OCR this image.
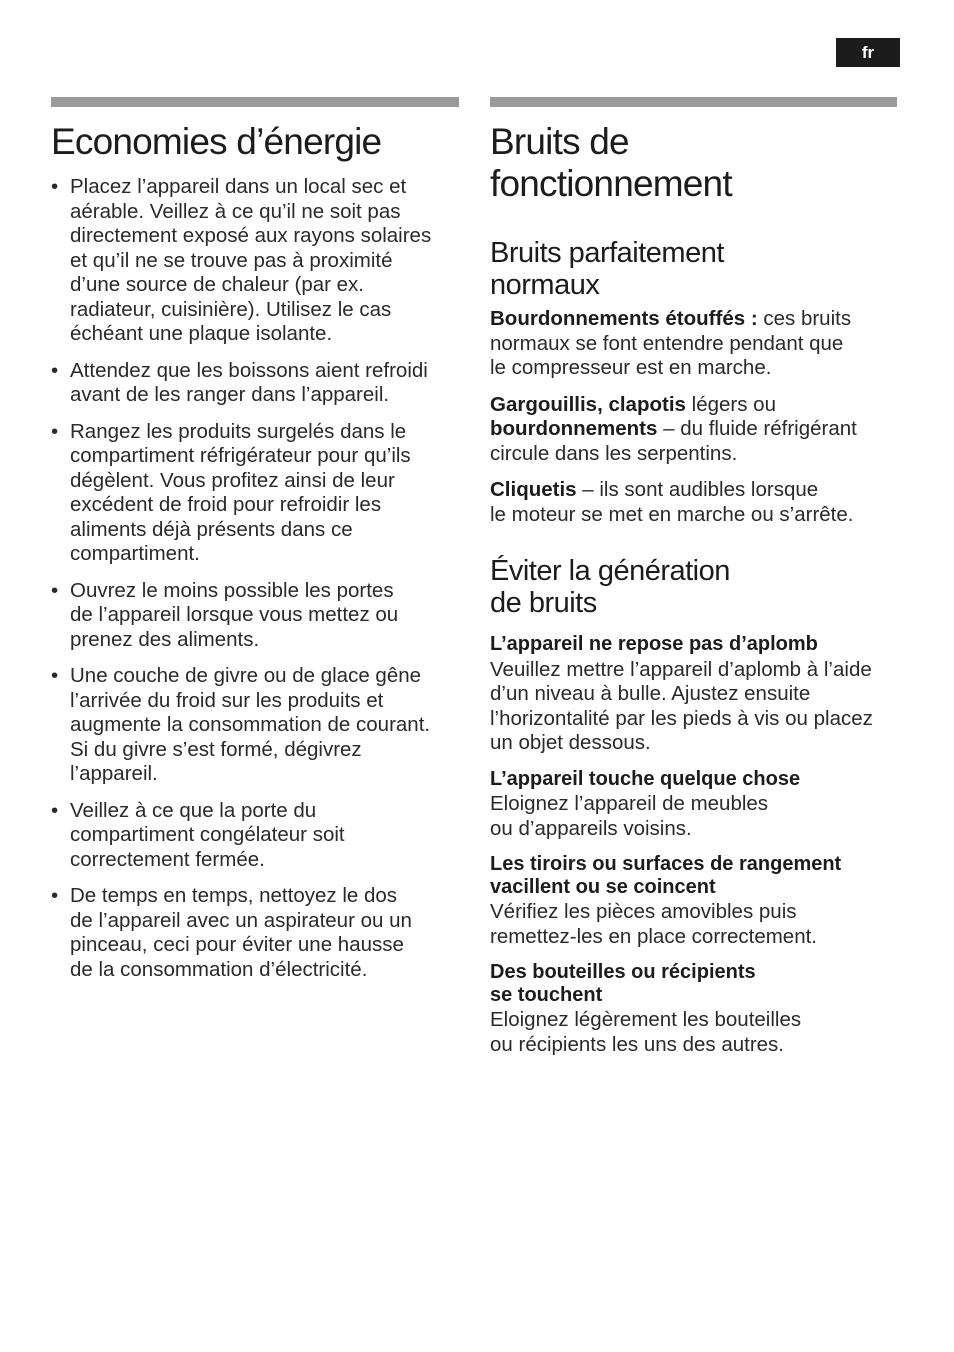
fr
Economies d’énergie
• Placez l’appareil dans un local sec et
aérable. Veillez à ce qu’il ne soit pas
directement exposé aux rayons solaires
et qu’il ne se trouve pas à proximité
d’une source de chaleur (par ex.
radiateur, cuisinière). Utilisez le cas
échéant une plaque isolante.
• Attendez que les boissons aient refroidi
avant de les ranger dans l’appareil.
• Rangez les produits surgelés dans le
compartiment réfrigérateur pour qu’ils
dégèlent. Vous profitez ainsi de leur
excédent de froid pour refroidir les
aliments déjà présents dans ce
compartiment.
• Ouvrez le moins possible les portes
de l’appareil lorsque vous mettez ou
prenez des aliments.
• Une couche de givre ou de glace gêne
l’arrivée du froid sur les produits et
augmente la consommation de courant.
Si du givre s’est formé, dégivrez
l’appareil.
• Veillez à ce que la porte du
compartiment congélateur soit
correctement fermée.
• De temps en temps, nettoyez le dos
de l’appareil avec un aspirateur ou un
pinceau, ceci pour éviter une hausse
de la consommation d’électricité.
Bruits de
fonctionnement
Bruits parfaitement
normaux

Bourdonnements étouffés : ces bruits
normaux se font entendre pendant que
le compresseur est en marche.

Gargouillis, clapotis légers ou
bourdonnements – du fluide réfrigérant
circule dans les serpentins.

Cliquetis – ils sont audibles lorsque
le moteur se met en marche ou s’arrête.

Éviter la génération
de bruits
L’appareil ne repose pas d’aplomb
Veuillez mettre l’appareil d’aplomb à l’aide
d’un niveau à bulle. Ajustez ensuite
l’horizontalité par les pieds à vis ou placez
un objet dessous.
L’appareil touche quelque chose
Eloignez l’appareil de meubles
ou d’appareils voisins.
Les tiroirs ou surfaces de rangement
vacillent ou se coincent
Vérifiez les pièces amovibles puis
remettez-les en place correctement.
Des bouteilles ou récipients
se touchent
Eloignez légèrement les bouteilles
ou récipients les uns des autres.
